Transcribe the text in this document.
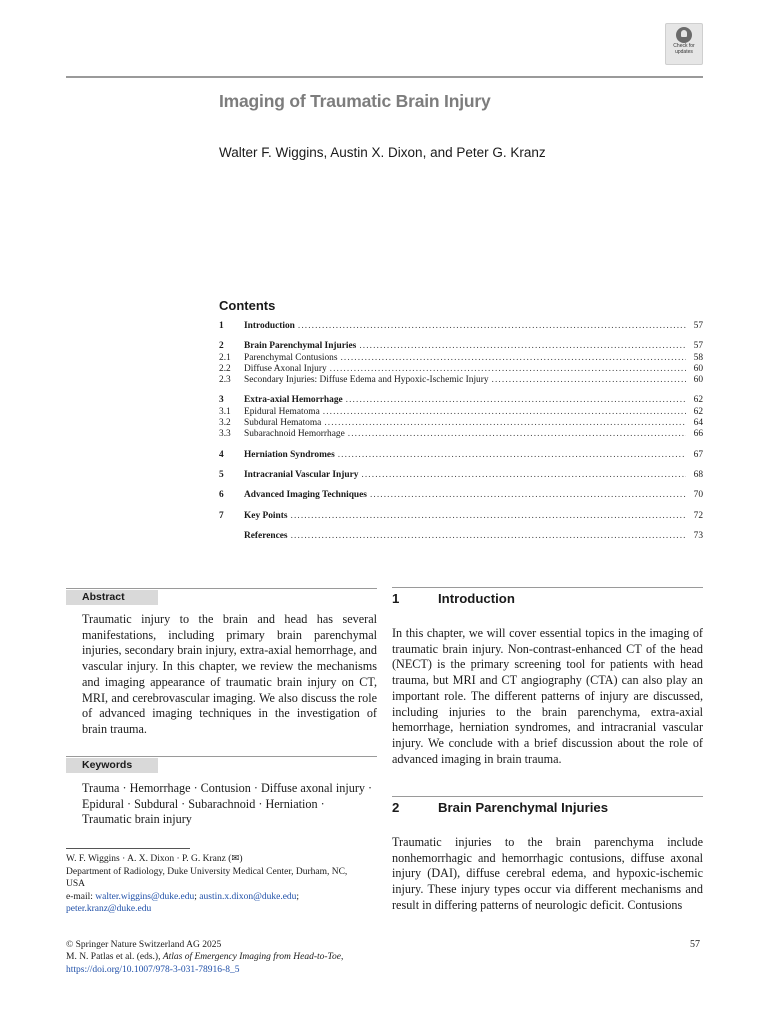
Check for
updates
Imaging of Traumatic Brain Injury
Walter F. Wiggins, Austin X. Dixon, and Peter G. Kranz
Contents
1	Introduction .....	57
2	Brain Parenchymal Injuries .....	57
2.1	Parenchymal Contusions .....	58
2.2	Diffuse Axonal Injury .....	60
2.3	Secondary Injuries: Diffuse Edema and Hypoxic-Ischemic Injury .....	60
3	Extra-axial Hemorrhage .....	62
3.1	Epidural Hematoma .....	62
3.2	Subdural Hematoma .....	64
3.3	Subarachnoid Hemorrhage .....	66
4	Herniation Syndromes .....	67
5	Intracranial Vascular Injury .....	68
6	Advanced Imaging Techniques .....	70
7	Key Points .....	72
References .....	73
Abstract
Traumatic injury to the brain and head has several manifestations, including primary brain parenchymal injuries, secondary brain injury, extra-axial hemorrhage, and vascular injury. In this chapter, we review the mechanisms and imaging appearance of traumatic brain injury on CT, MRI, and cerebrovascular imaging. We also discuss the role of advanced imaging techniques in the investigation of brain trauma.
Keywords
Trauma · Hemorrhage · Contusion · Diffuse axonal injury · Epidural · Subdural · Subarachnoid · Herniation · Traumatic brain injury
W. F. Wiggins · A. X. Dixon · P. G. Kranz (✉)
Department of Radiology, Duke University Medical Center, Durham, NC, USA
e-mail: walter.wiggins@duke.edu; austin.x.dixon@duke.edu;
peter.kranz@duke.edu
© Springer Nature Switzerland AG 2025
M. N. Patlas et al. (eds.), Atlas of Emergency Imaging from Head-to-Toe,
https://doi.org/10.1007/978-3-031-78916-8_5
57
1	Introduction
In this chapter, we will cover essential topics in the imaging of traumatic brain injury. Non-contrast-enhanced CT of the head (NECT) is the primary screening tool for patients with head trauma, but MRI and CT angiography (CTA) can also play an important role. The different patterns of injury are discussed, including injuries to the brain parenchyma, extra-axial hemorrhage, herniation syndromes, and intracranial vascular injury. We conclude with a brief discussion about the role of advanced imaging in brain trauma.
2	Brain Parenchymal Injuries
Traumatic injuries to the brain parenchyma include nonhemorrhagic and hemorrhagic contusions, diffuse axonal injury (DAI), diffuse cerebral edema, and hypoxic-ischemic injury. These injury types occur via different mechanisms and result in differing patterns of neurologic deficit. Contusions
